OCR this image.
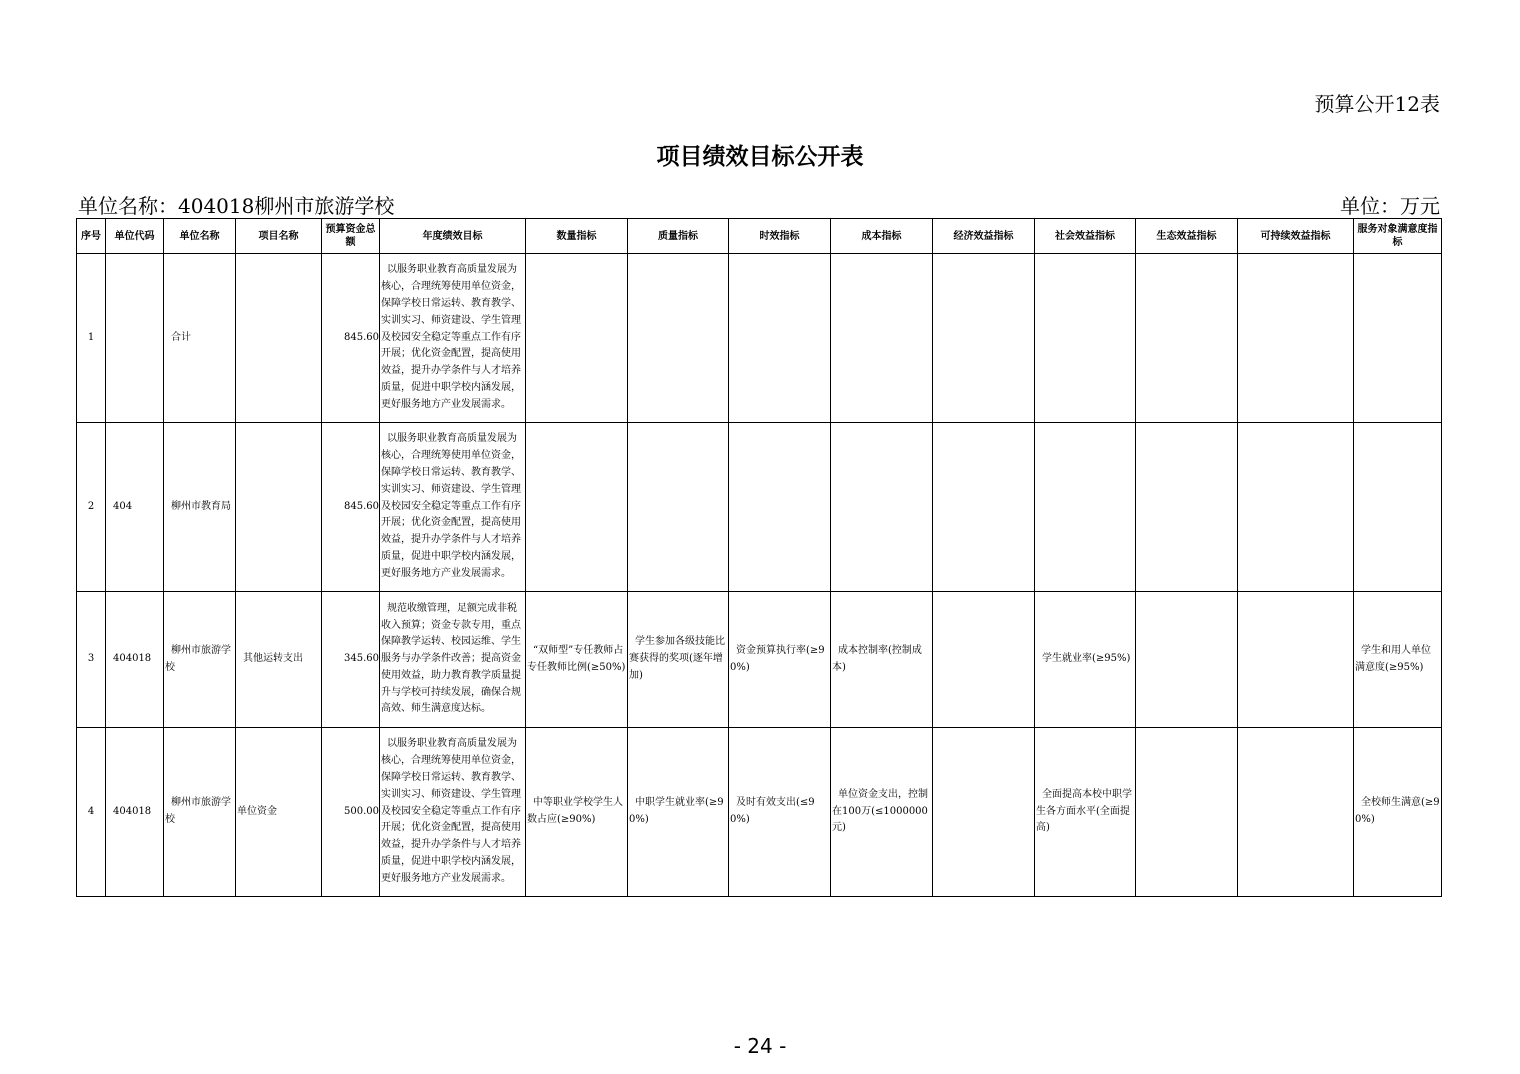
预算公开12表
项目绩效目标公开表
单位名称：404018柳州市旅游学校	单位：万元
序号	单位代码	单位名称	项目名称	预算资金总额	年度绩效目标	数量指标	质量指标	时效指标	成本指标	经济效益指标	社会效益指标	生态效益指标	可持续效益指标	服务对象满意度指标
1		合计		845.60	以服务职业教育高质量发展为核心，合理统筹使用单位资金，保障学校日常运转、教育教学、实训实习、师资建设、学生管理及校园安全稳定等重点工作有序开展；优化资金配置，提高使用效益，提升办学条件与人才培养质量，促进中职学校内涵发展，更好服务地方产业发展需求。									
2	404	柳州市教育局		845.60	以服务职业教育高质量发展为核心，合理统筹使用单位资金，保障学校日常运转、教育教学、实训实习、师资建设、学生管理及校园安全稳定等重点工作有序开展；优化资金配置，提高使用效益，提升办学条件与人才培养质量，促进中职学校内涵发展，更好服务地方产业发展需求。									
3	404018	柳州市旅游学校	其他运转支出	345.60	规范收缴管理，足额完成非税收入预算；资金专款专用，重点保障教学运转、校园运维、学生服务与办学条件改善；提高资金使用效益，助力教育教学质量提升与学校可持续发展，确保合规高效、师生满意度达标。	“双师型”专任教师占专任教师比例(≥50%)	学生参加各级技能比赛获得的奖项(逐年增加)	资金预算执行率(≥90%)	成本控制率(控制成本)		学生就业率(≥95%)			学生和用人单位满意度(≥95%)
4	404018	柳州市旅游学校	单位资金	500.00	以服务职业教育高质量发展为核心，合理统筹使用单位资金，保障学校日常运转、教育教学、实训实习、师资建设、学生管理及校园安全稳定等重点工作有序开展；优化资金配置，提高使用效益，提升办学条件与人才培养质量，促进中职学校内涵发展，更好服务地方产业发展需求。	中等职业学校学生人数占应(≥90%)	中职学生就业率(≥90%)	及时有效支出(≤90%)	单位资金支出，控制在100万(≤1000000元)		全面提高本校中职学生各方面水平(全面提高)			全校师生满意(≥90%)
- 24 -
